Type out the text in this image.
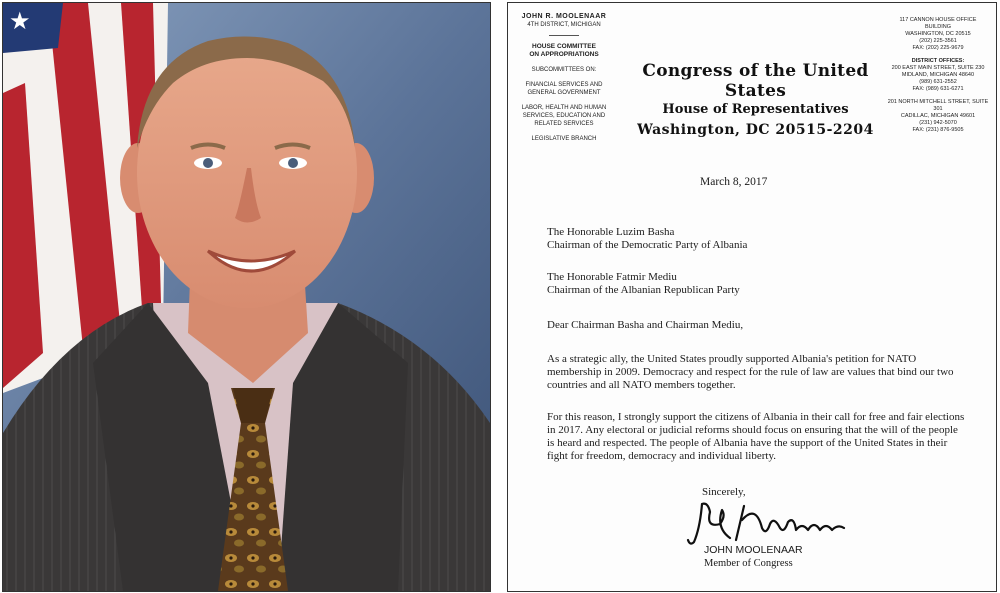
★	JOHN R. MOOLENAAR
4TH DISTRICT, MICHIGAN
HOUSE COMMITTEE
ON APPROPRIATIONS
SUBCOMMITTEES ON:
FINANCIAL SERVICES AND GENERAL GOVERNMENT
LABOR, HEALTH AND HUMAN SERVICES, EDUCATION AND RELATED SERVICES
LEGISLATIVE BRANCH
Congress of the United States
House of Representatives
Washington, DC 20515-2204
117 CANNON HOUSE OFFICE BUILDING
WASHINGTON, DC 20515
(202) 225-3561
FAX: (202) 225-9679
DISTRICT OFFICES:
200 EAST MAIN STREET, SUITE 230
MIDLAND, MICHIGAN 48640
(989) 631-2552
FAX: (989) 631-6271
201 NORTH MITCHELL STREET, SUITE 301
CADILLAC, MICHIGAN 49601
(231) 942-5070
FAX: (231) 876-9505
March 8, 2017
The Honorable Luzim Basha
Chairman of the Democratic Party of Albania
The Honorable Fatmir Mediu
Chairman of the Albanian Republican Party
Dear Chairman Basha and Chairman Mediu,
As a strategic ally, the United States proudly supported Albania's petition for NATO membership in 2009. Democracy and respect for the rule of law are values that bind our two countries and all NATO members together.
For this reason, I strongly support the citizens of Albania in their call for free and fair elections in 2017. Any electoral or judicial reforms should focus on ensuring that the will of the people is heard and respected. The people of Albania have the support of the United States in their fight for freedom, democracy and individual liberty.
Sincerely,
JOHN MOOLENAAR
Member of Congress
